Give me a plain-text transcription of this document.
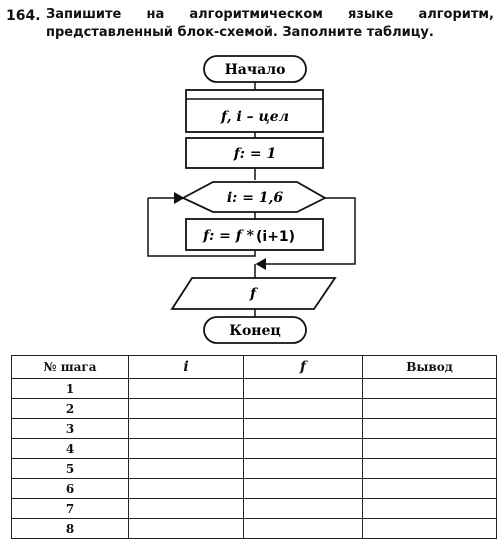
164. Запишите на алгоритмическом языке алгоритм, представленный блок-схемой. Заполните таблицу.
Начало
f, i – цел
f: = 1
i: = 1,6
f: = f * (i+1)
f
Конец
№ шага	i	f	Вывод
1			
2			
3			
4			
5			
6			
7			
8			
